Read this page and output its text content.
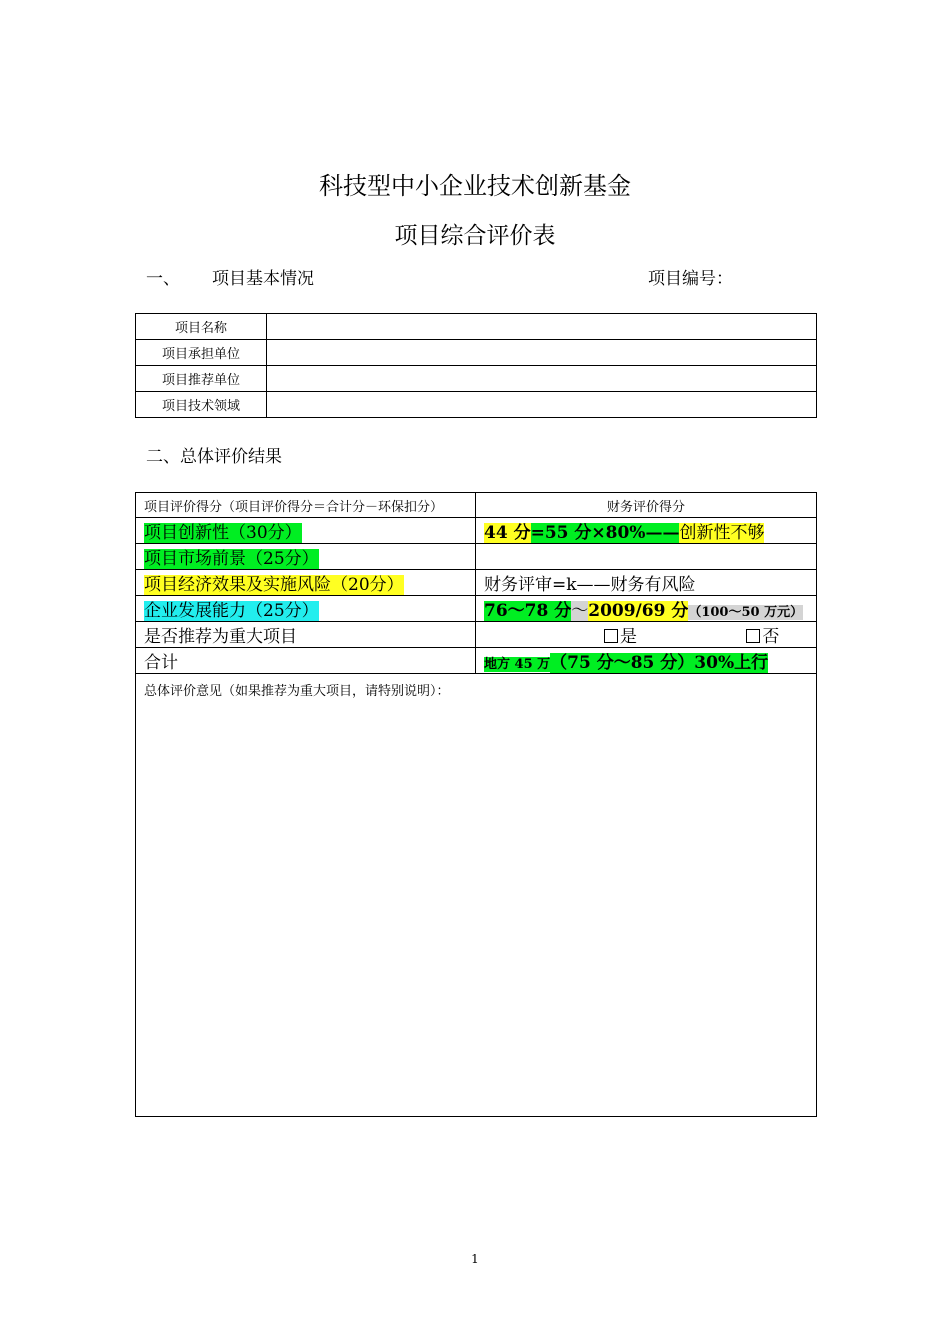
科技型中小企业技术创新基金
项目综合评价表
一、 项目基本情况	项目编号：
项目名称	
项目承担单位	
项目推荐单位	
项目技术领域	
二、总体评价结果
项目评价得分（项目评价得分＝合计分－环保扣分）	财务评价得分
项目创新性（30分）	44 分=55 分×80%——创新性不够
项目市场前景（25分）	
项目经济效果及实施风险（20分）	财务评审=k——财务有风险
企业发展能力（25分）	76～78 分～2009/69 分（100～50 万元）
是否推荐为重大项目	是 否
合计	地方 45 万（75 分～85 分）30%上行
总体评价意见（如果推荐为重大项目，请特别说明）：	
1
